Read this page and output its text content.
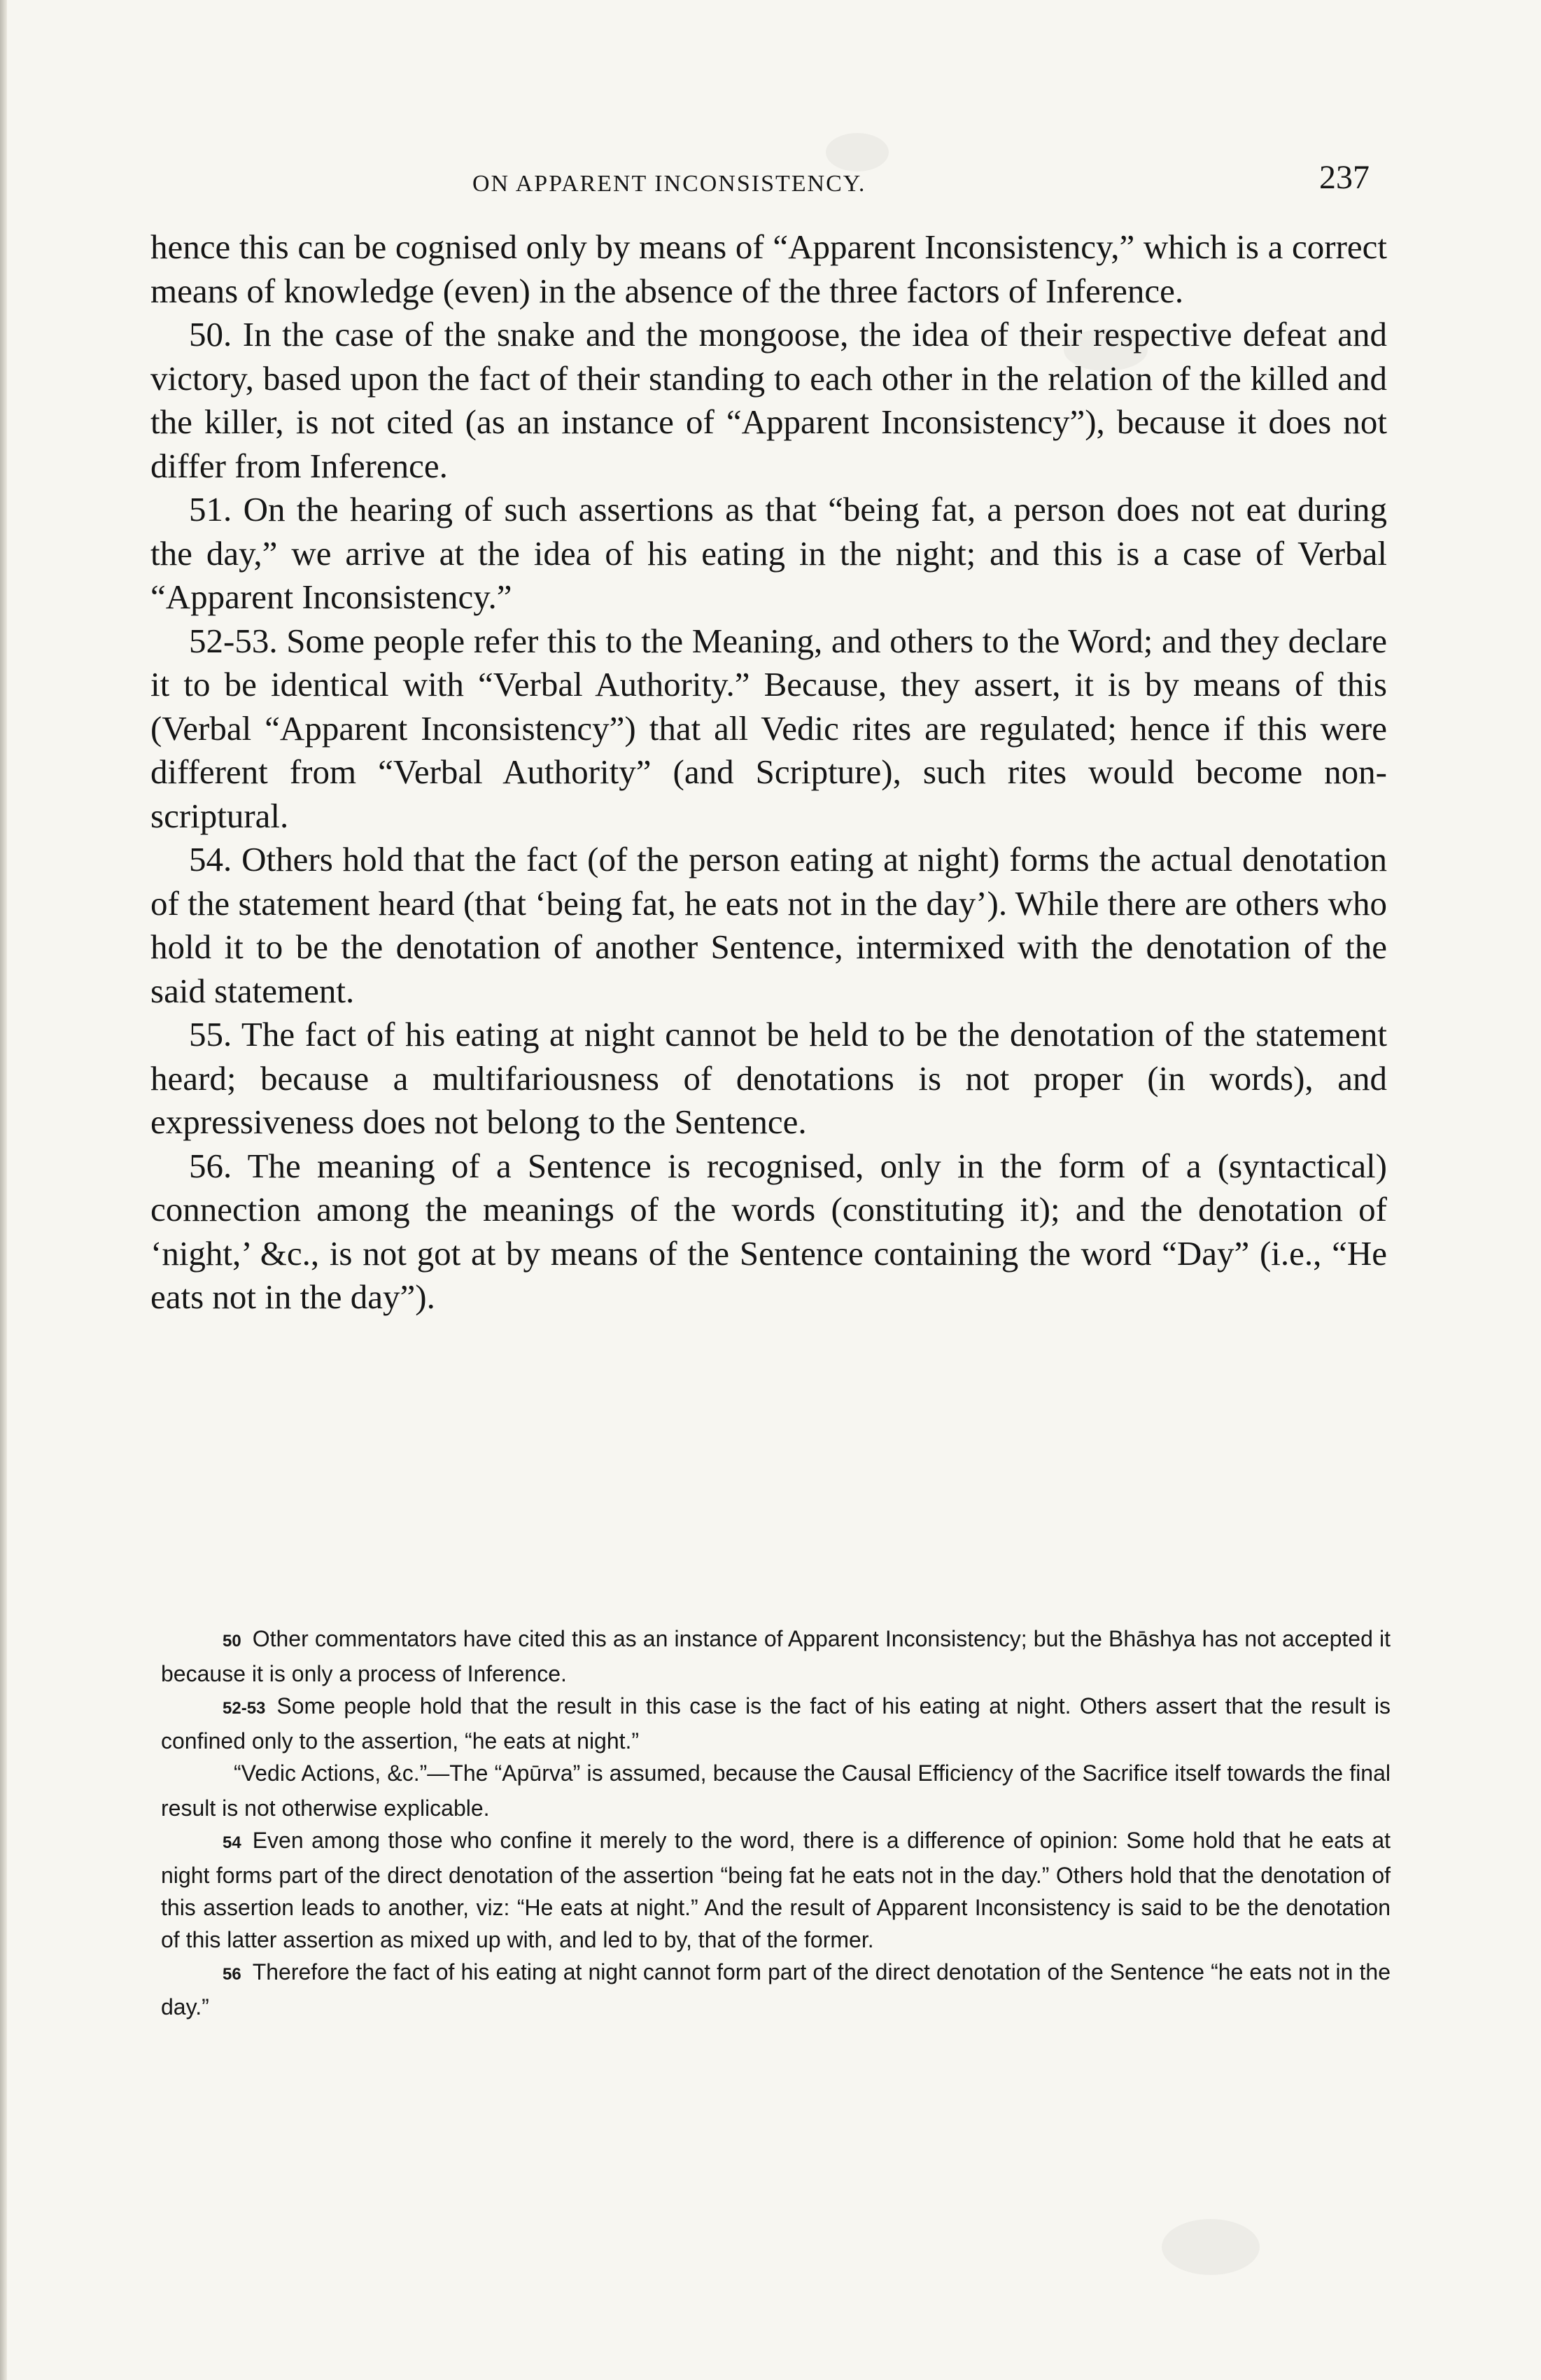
ON APPARENT INCONSISTENCY.	237

hence this can be cognised only by means of “Apparent Inconsistency,” which is a correct means of knowledge (even) in the absence of the three factors of Inference.

50. In the case of the snake and the mongoose, the idea of their respective defeat and victory, based upon the fact of their standing to each other in the relation of the killed and the killer, is not cited (as an instance of “Apparent Inconsistency”), because it does not differ from Inference.

51. On the hearing of such assertions as that “being fat, a person does not eat during the day,” we arrive at the idea of his eating in the night; and this is a case of Verbal “Apparent Inconsistency.”

52-53. Some people refer this to the Meaning, and others to the Word; and they declare it to be identical with “Verbal Authority.” Because, they assert, it is by means of this (Verbal “Apparent Inconsistency”) that all Vedic rites are regulated; hence if this were different from “Verbal Authority” (and Scripture), such rites would become non-scriptural.

54. Others hold that the fact (of the person eating at night) forms the actual denotation of the statement heard (that ‘being fat, he eats not in the day’). While there are others who hold it to be the denotation of another Sentence, intermixed with the denotation of the said statement.

55. The fact of his eating at night cannot be held to be the denotation of the statement heard; because a multifariousness of denotations is not proper (in words), and expressiveness does not belong to the Sentence.

56. The meaning of a Sentence is recognised, only in the form of a (syntactical) connection among the meanings of the words (constituting it); and the denotation of ‘night,’ &c., is not got at by means of the Sentence containing the word “Day” (i.e., “He eats not in the day”).

50 Other commentators have cited this as an instance of Apparent Inconsistency; but the Bhāshya has not accepted it because it is only a process of Inference.

52-53 Some people hold that the result in this case is the fact of his eating at night. Others assert that the result is confined only to the assertion, “he eats at night.”

“Vedic Actions, &c.”—The “Apūrva” is assumed, because the Causal Efficiency of the Sacrifice itself towards the final result is not otherwise explicable.

54 Even among those who confine it merely to the word, there is a difference of opinion: Some hold that he eats at night forms part of the direct denotation of the assertion “being fat he eats not in the day.” Others hold that the denotation of this assertion leads to another, viz: “He eats at night.” And the result of Apparent Inconsistency is said to be the denotation of this latter assertion as mixed up with, and led to by, that of the former.

56 Therefore the fact of his eating at night cannot form part of the direct denotation of the Sentence “he eats not in the day.”
